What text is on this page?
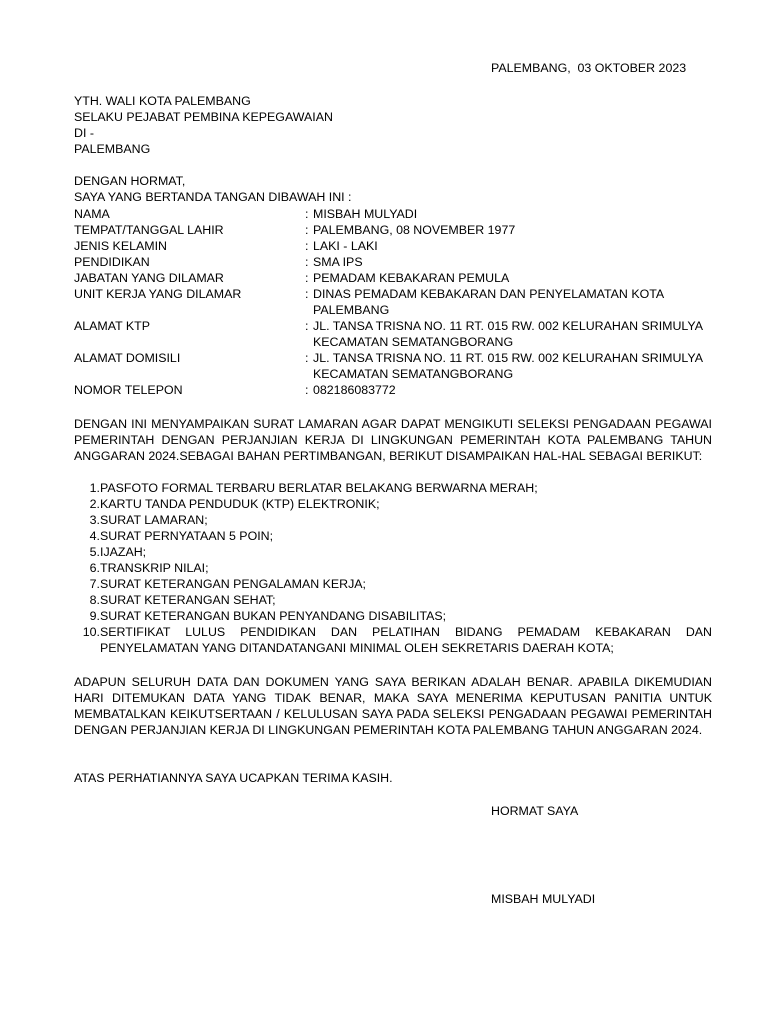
PALEMBANG,  03 OKTOBER 2023
YTH. WALI KOTA PALEMBANG
SELAKU PEJABAT PEMBINA KEPEGAWAIAN
DI -
PALEMBANG
DENGAN HORMAT,
SAYA YANG BERTANDA TANGAN DIBAWAH INI :
NAMA	: MISBAH MULYADI
TEMPAT/TANGGAL LAHIR	: PALEMBANG, 08 NOVEMBER 1977
JENIS KELAMIN	: LAKI - LAKI
PENDIDIKAN	: SMA IPS
JABATAN YANG DILAMAR	: PEMADAM KEBAKARAN PEMULA
UNIT KERJA YANG DILAMAR	: DINAS PEMADAM KEBAKARAN DAN PENYELAMATAN KOTA PALEMBANG
ALAMAT KTP	: JL. TANSA TRISNA NO. 11 RT. 015 RW. 002 KELURAHAN SRIMULYA KECAMATAN SEMATANGBORANG
ALAMAT DOMISILI	: JL. TANSA TRISNA NO. 11 RT. 015 RW. 002 KELURAHAN SRIMULYA KECAMATAN SEMATANGBORANG
NOMOR TELEPON	: 082186083772
DENGAN INI MENYAMPAIKAN SURAT LAMARAN AGAR DAPAT MENGIKUTI SELEKSI PENGADAAN PEGAWAI PEMERINTAH DENGAN PERJANJIAN KERJA DI LINGKUNGAN PEMERINTAH KOTA PALEMBANG TAHUN ANGGARAN 2024.SEBAGAI BAHAN PERTIMBANGAN, BERIKUT DISAMPAIKAN HAL-HAL SEBAGAI BERIKUT:
1. PASFOTO FORMAL TERBARU BERLATAR BELAKANG BERWARNA MERAH;
2. KARTU TANDA PENDUDUK (KTP) ELEKTRONIK;
3. SURAT LAMARAN;
4. SURAT PERNYATAAN 5 POIN;
5. IJAZAH;
6. TRANSKRIP NILAI;
7. SURAT KETERANGAN PENGALAMAN KERJA;
8. SURAT KETERANGAN SEHAT;
9. SURAT KETERANGAN BUKAN PENYANDANG DISABILITAS;
10. SERTIFIKAT LULUS PENDIDIKAN DAN PELATIHAN BIDANG PEMADAM KEBAKARAN DAN PENYELAMATAN YANG DITANDATANGANI MINIMAL OLEH SEKRETARIS DAERAH KOTA;
ADAPUN SELURUH DATA DAN DOKUMEN YANG SAYA BERIKAN ADALAH BENAR. APABILA DIKEMUDIAN HARI DITEMUKAN DATA YANG TIDAK BENAR, MAKA SAYA MENERIMA KEPUTUSAN PANITIA UNTUK MEMBATALKAN KEIKUTSERTAAN / KELULUSAN SAYA PADA SELEKSI PENGADAAN PEGAWAI PEMERINTAH DENGAN PERJANJIAN KERJA DI LINGKUNGAN PEMERINTAH KOTA PALEMBANG TAHUN ANGGARAN 2024.
ATAS PERHATIANNYA SAYA UCAPKAN TERIMA KASIH.
HORMAT SAYA
MISBAH MULYADI
